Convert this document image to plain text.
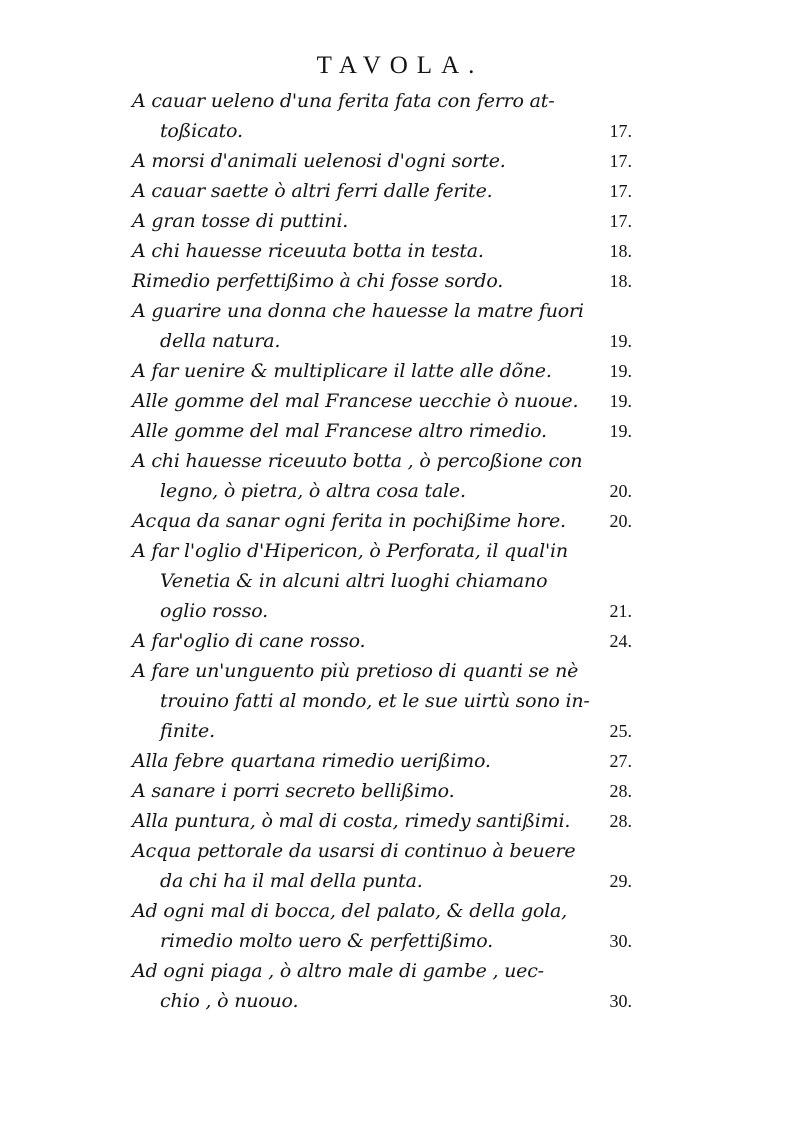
TAVOLA.
A cauar ueleno d'una ferita fata con ferro at-
toßicato.	17.
A morsi d'animali uelenosi d'ogni sorte.	17.
A cauar saette ò altri ferri dalle ferite.	17.
A gran tosse di puttini.	17.
A chi hauesse riceuuta botta in testa.	18.
Rimedio perfettißimo à chi fosse sordo.	18.
A guarire una donna che hauesse la matre fuori
della natura.	19.
A far uenire & multiplicare il latte alle dõne.	19.
Alle gomme del mal Francese uecchie ò nuoue. 19.
Alle gomme del mal Francese altro rimedio.	19.
A chi hauesse riceuuto botta , ò percoßione con
legno, ò pietra, ò altra cosa tale.	20.
Acqua da sanar ogni ferita in pochißime hore. 20.
A far l'oglio d'Hipericon, ò Perforata, il qual'in
Venetia & in alcuni altri luoghi chiamano
oglio rosso.	21.
A far'oglio di cane rosso.	24.
A fare un'unguento più pretioso di quanti se nè
trouino fatti al mondo, et le sue uirtù sono in-
finite.	25.
Alla febre quartana rimedio uerißimo.	27.
A sanare i porri secreto bellißimo.	28.
Alla puntura, ò mal di costa, rimedy santißimi. 28.
Acqua pettorale da usarsi di continuo à beuere
da chi ha il mal della punta.	29.
Ad ogni mal di bocca, del palato, & della gola,
rimedio molto uero & perfettißimo.	30.
Ad ogni piaga , ò altro male di gambe , uec-
chio , ò nuouo.	30.
